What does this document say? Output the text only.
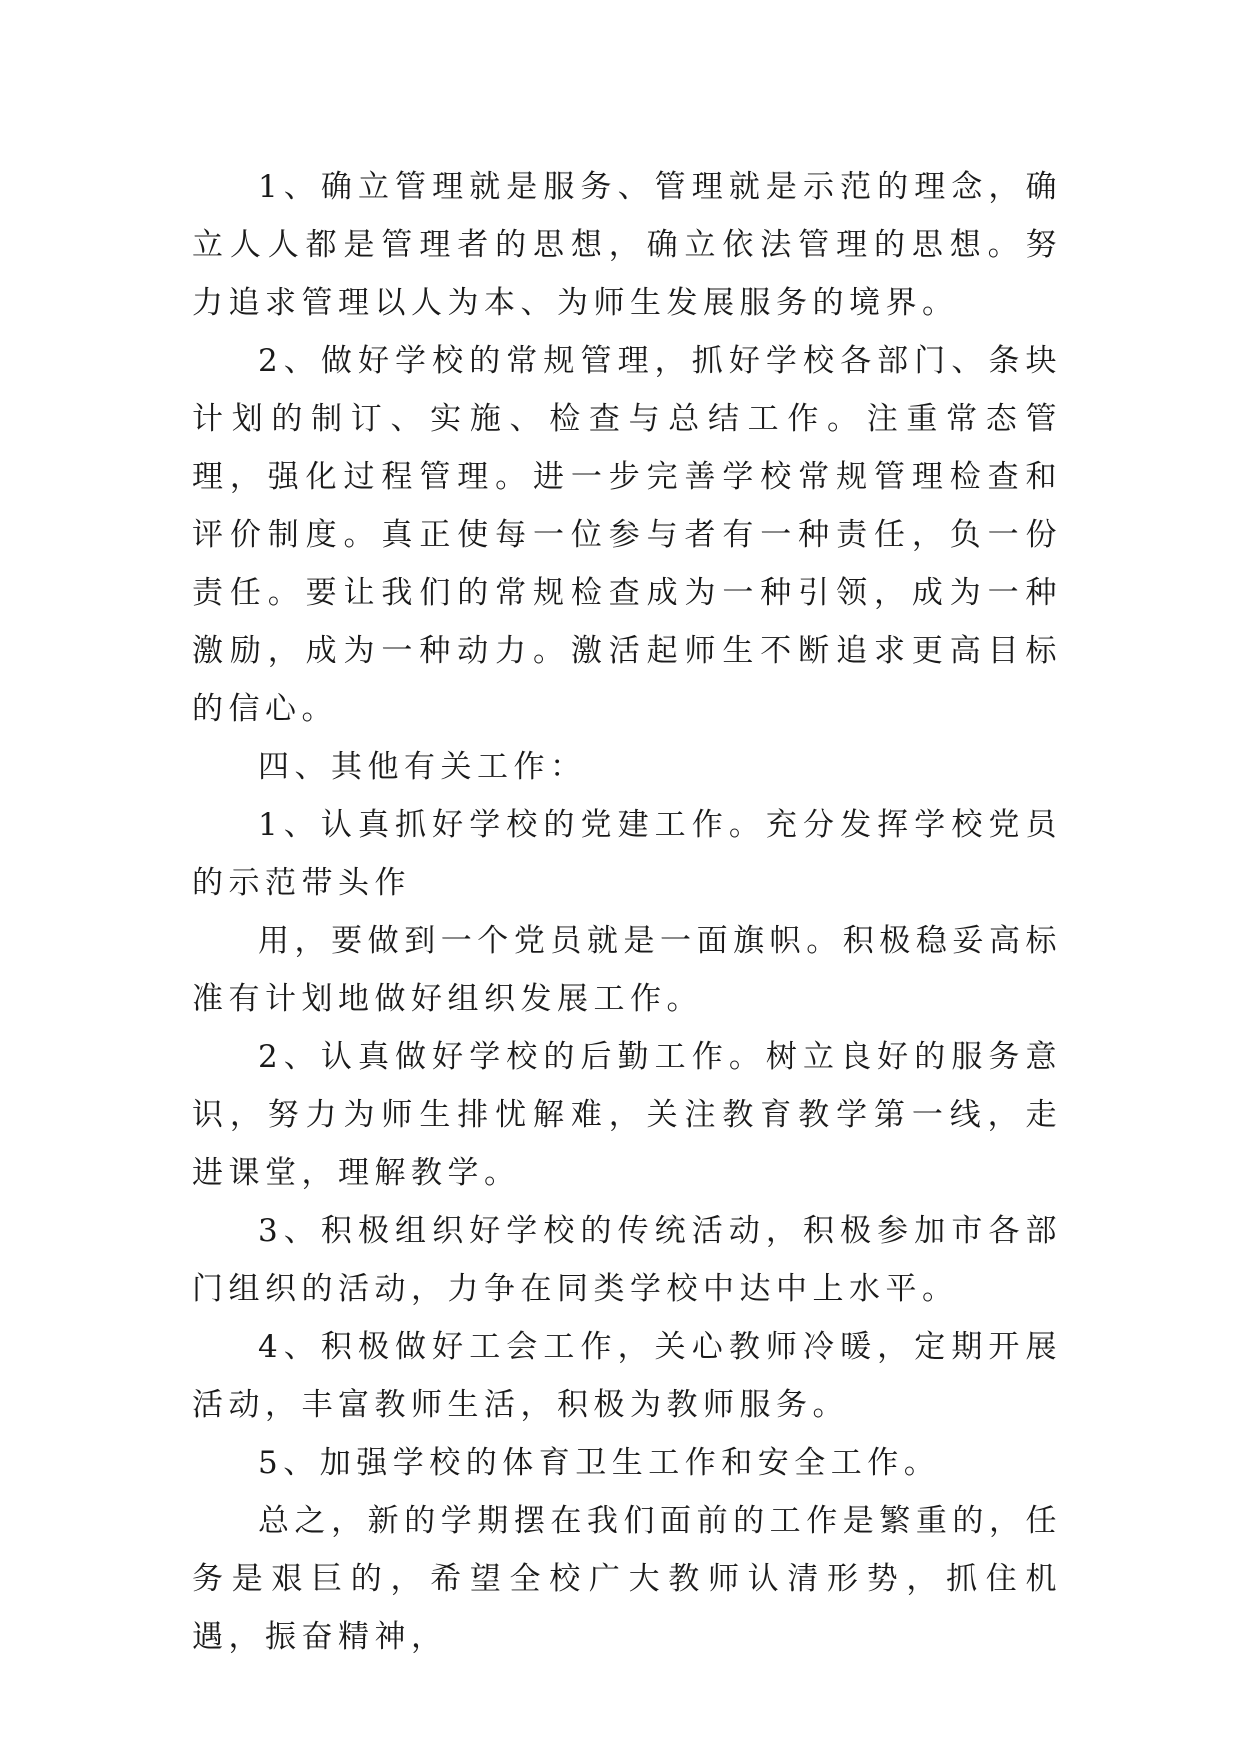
1、确立管理就是服务、管理就是示范的理念，确立人人都是管理者的思想，确立依法管理的思想。努力追求管理以人为本、为师生发展服务的境界。

2、做好学校的常规管理，抓好学校各部门、条块计划的制订、实施、检查与总结工作。注重常态管理，强化过程管理。进一步完善学校常规管理检查和评价制度。真正使每一位参与者有一种责任，负一份责任。要让我们的常规检查成为一种引领，成为一种激励，成为一种动力。激活起师生不断追求更高目标的信心。

四、其他有关工作：

1、认真抓好学校的党建工作。充分发挥学校党员的示范带头作

用，要做到一个党员就是一面旗帜。积极稳妥高标准有计划地做好组织发展工作。

2、认真做好学校的后勤工作。树立良好的服务意识，努力为师生排忧解难，关注教育教学第一线，走进课堂，理解教学。

3、积极组织好学校的传统活动，积极参加市各部门组织的活动，力争在同类学校中达中上水平。

4、积极做好工会工作，关心教师冷暖，定期开展活动，丰富教师生活，积极为教师服务。

5、加强学校的体育卫生工作和安全工作。

总之，新的学期摆在我们面前的工作是繁重的，任务是艰巨的，希望全校广大教师认清形势，抓住机遇，振奋精神，
